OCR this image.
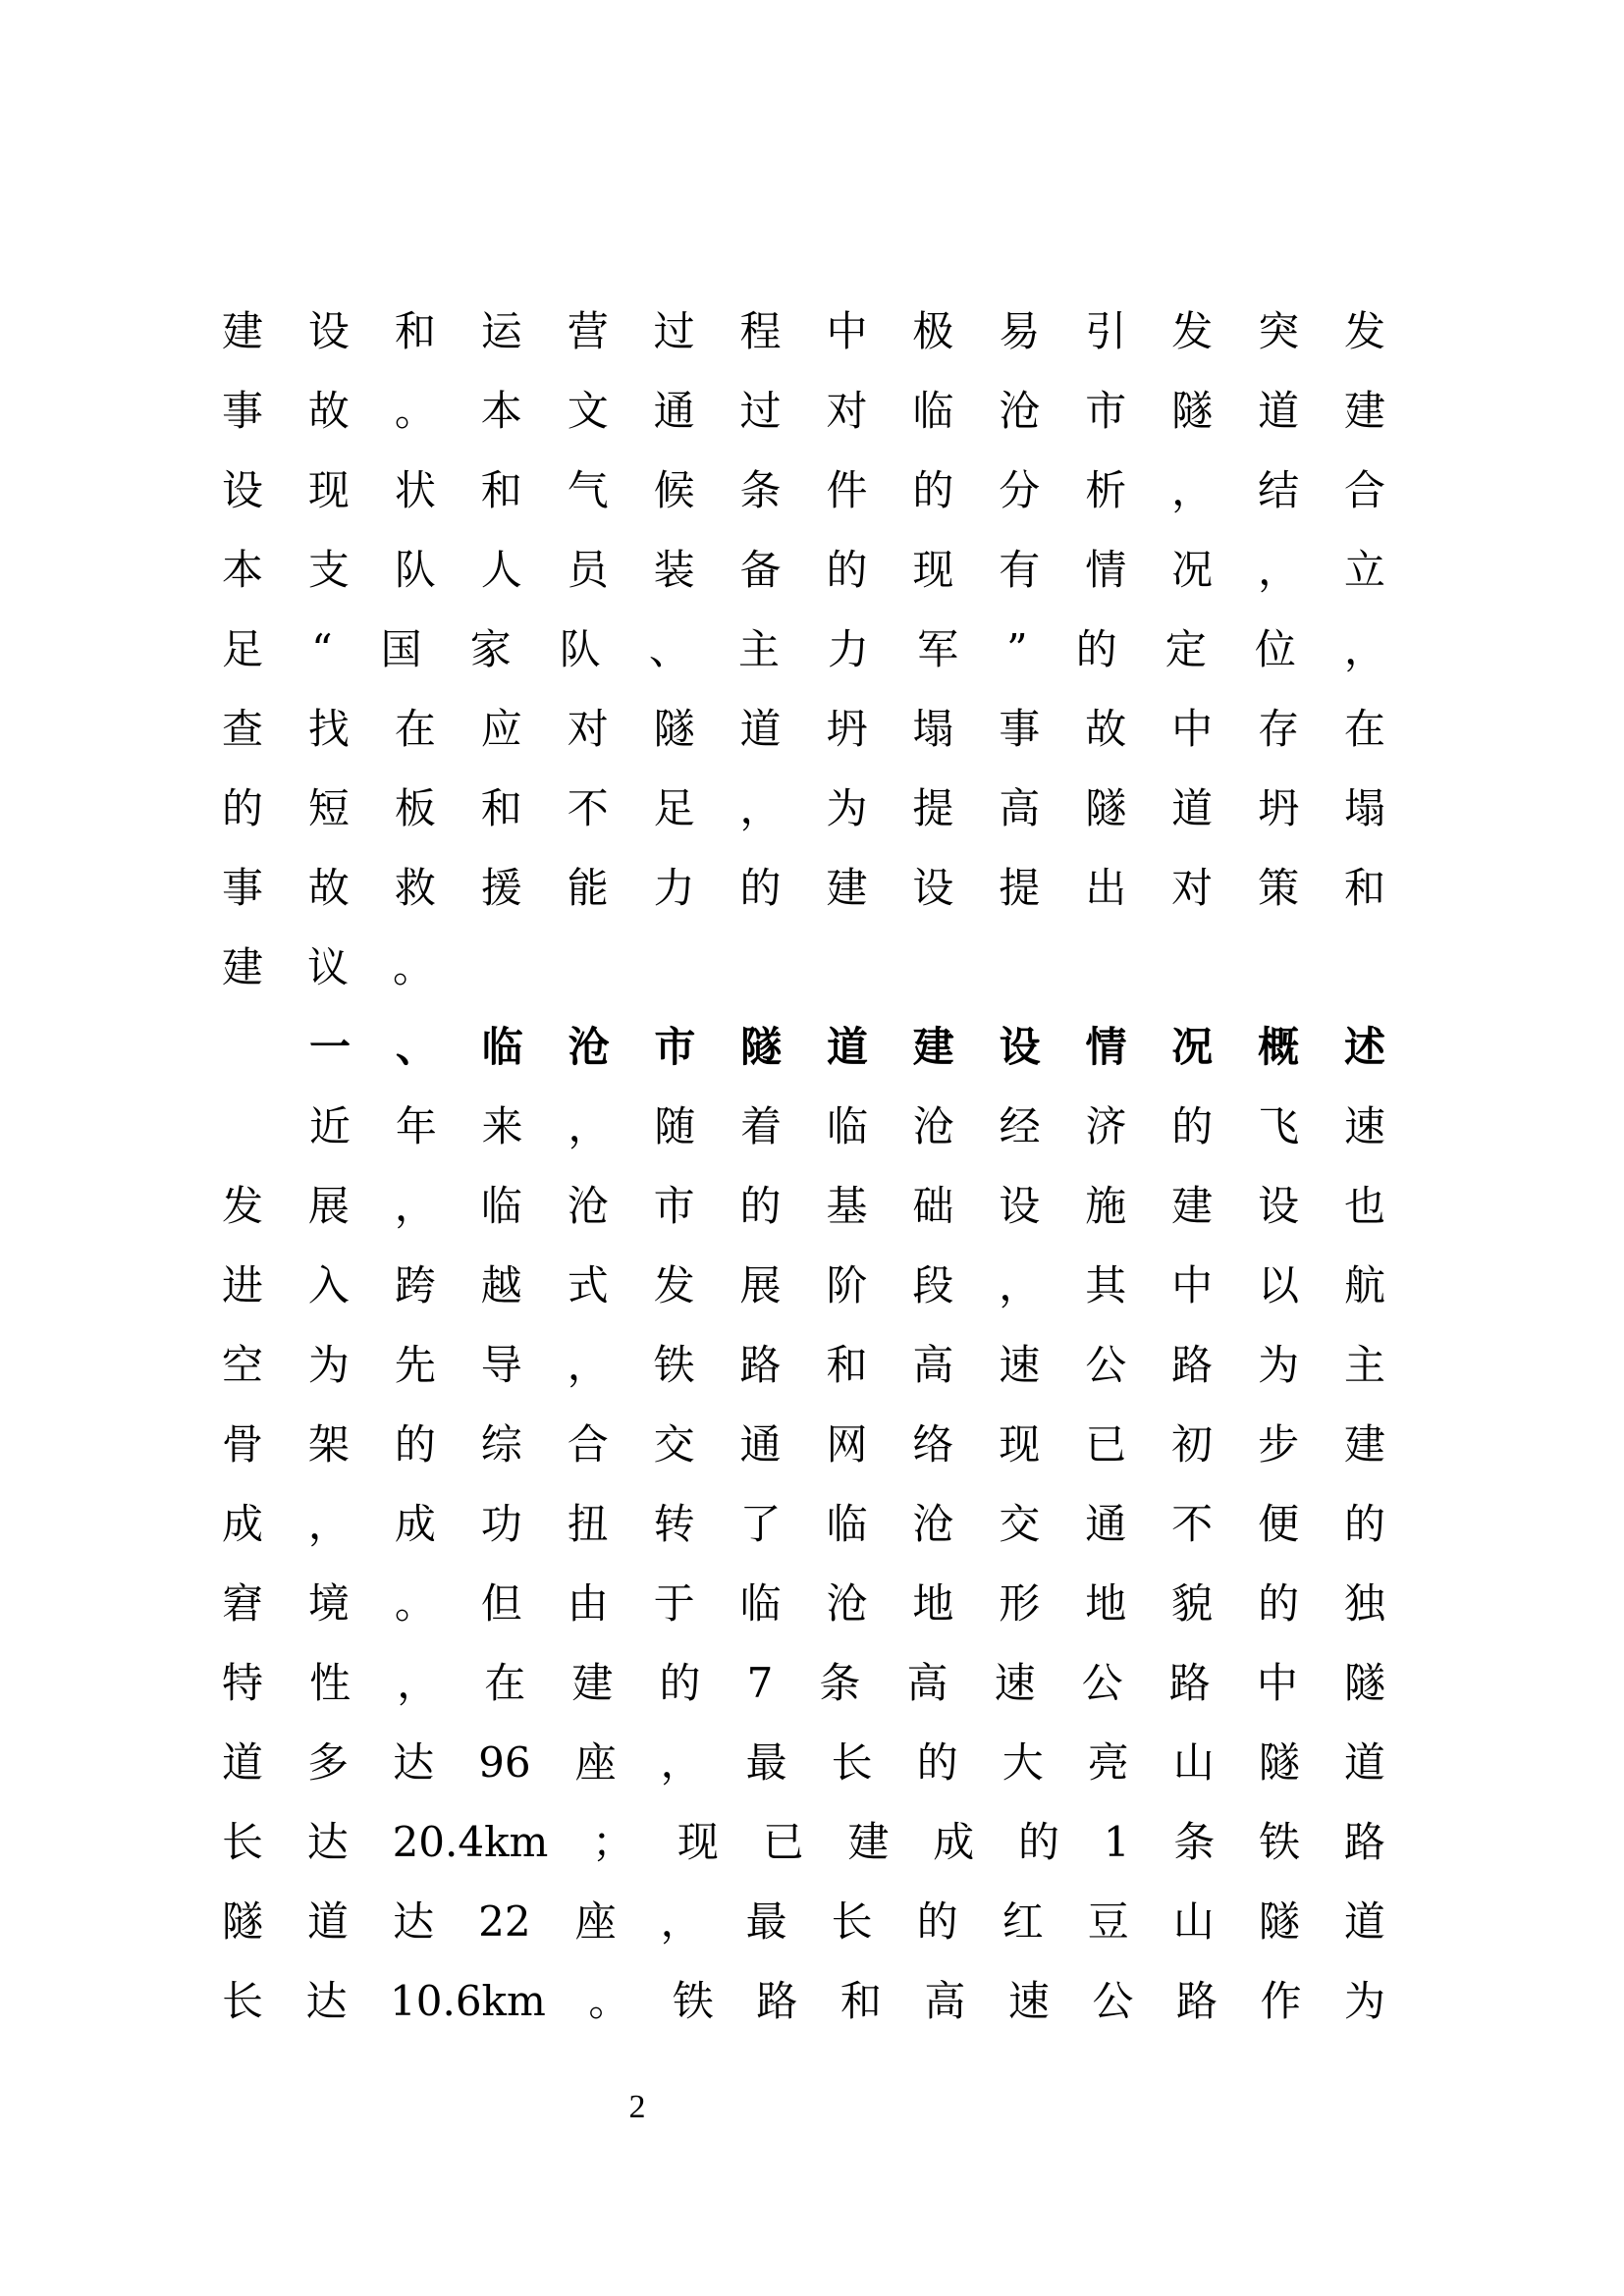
建 设 和 运 营 过 程 中 极 易 引 发 突 发
事 故 。 本 文 通 过 对 临 沧 市 隧 道 建
设 现 状 和 气 候 条 件 的 分 析 ， 结 合
本 支 队 人 员 装 备 的 现 有 情 况 ， 立
足 “ 国 家 队 、 主 力 军 ” 的 定 位 ，
查 找 在 应 对 隧 道 坍 塌 事 故 中 存 在
的 短 板 和 不 足 ， 为 提 高 隧 道 坍 塌
事 故 救 援 能 力 的 建 设 提 出 对 策 和
建 议 。
一 、 临 沧 市 隧 道 建 设 情 况 概 述
近 年 来 ， 随 着 临 沧 经 济 的 飞 速
发 展 ， 临 沧 市 的 基 础 设 施 建 设 也
进 入 跨 越 式 发 展 阶 段 ， 其 中 以 航
空 为 先 导 ， 铁 路 和 高 速 公 路 为 主
骨 架 的 综 合 交 通 网 络 现 已 初 步 建
成 ， 成 功 扭 转 了 临 沧 交 通 不 便 的
窘 境 。 但 由 于 临 沧 地 形 地 貌 的 独
特 性 ， 在 建 的 7 条 高 速 公 路 中 隧
道 多 达 96 座 ， 最 长 的 大 亮 山 隧 道
长 达 20.4km ； 现 已 建 成 的 1 条 铁 路
隧 道 达 22 座 ， 最 长 的 红 豆 山 隧 道
长 达 10.6km 。 铁 路 和 高 速 公 路 作 为
2
